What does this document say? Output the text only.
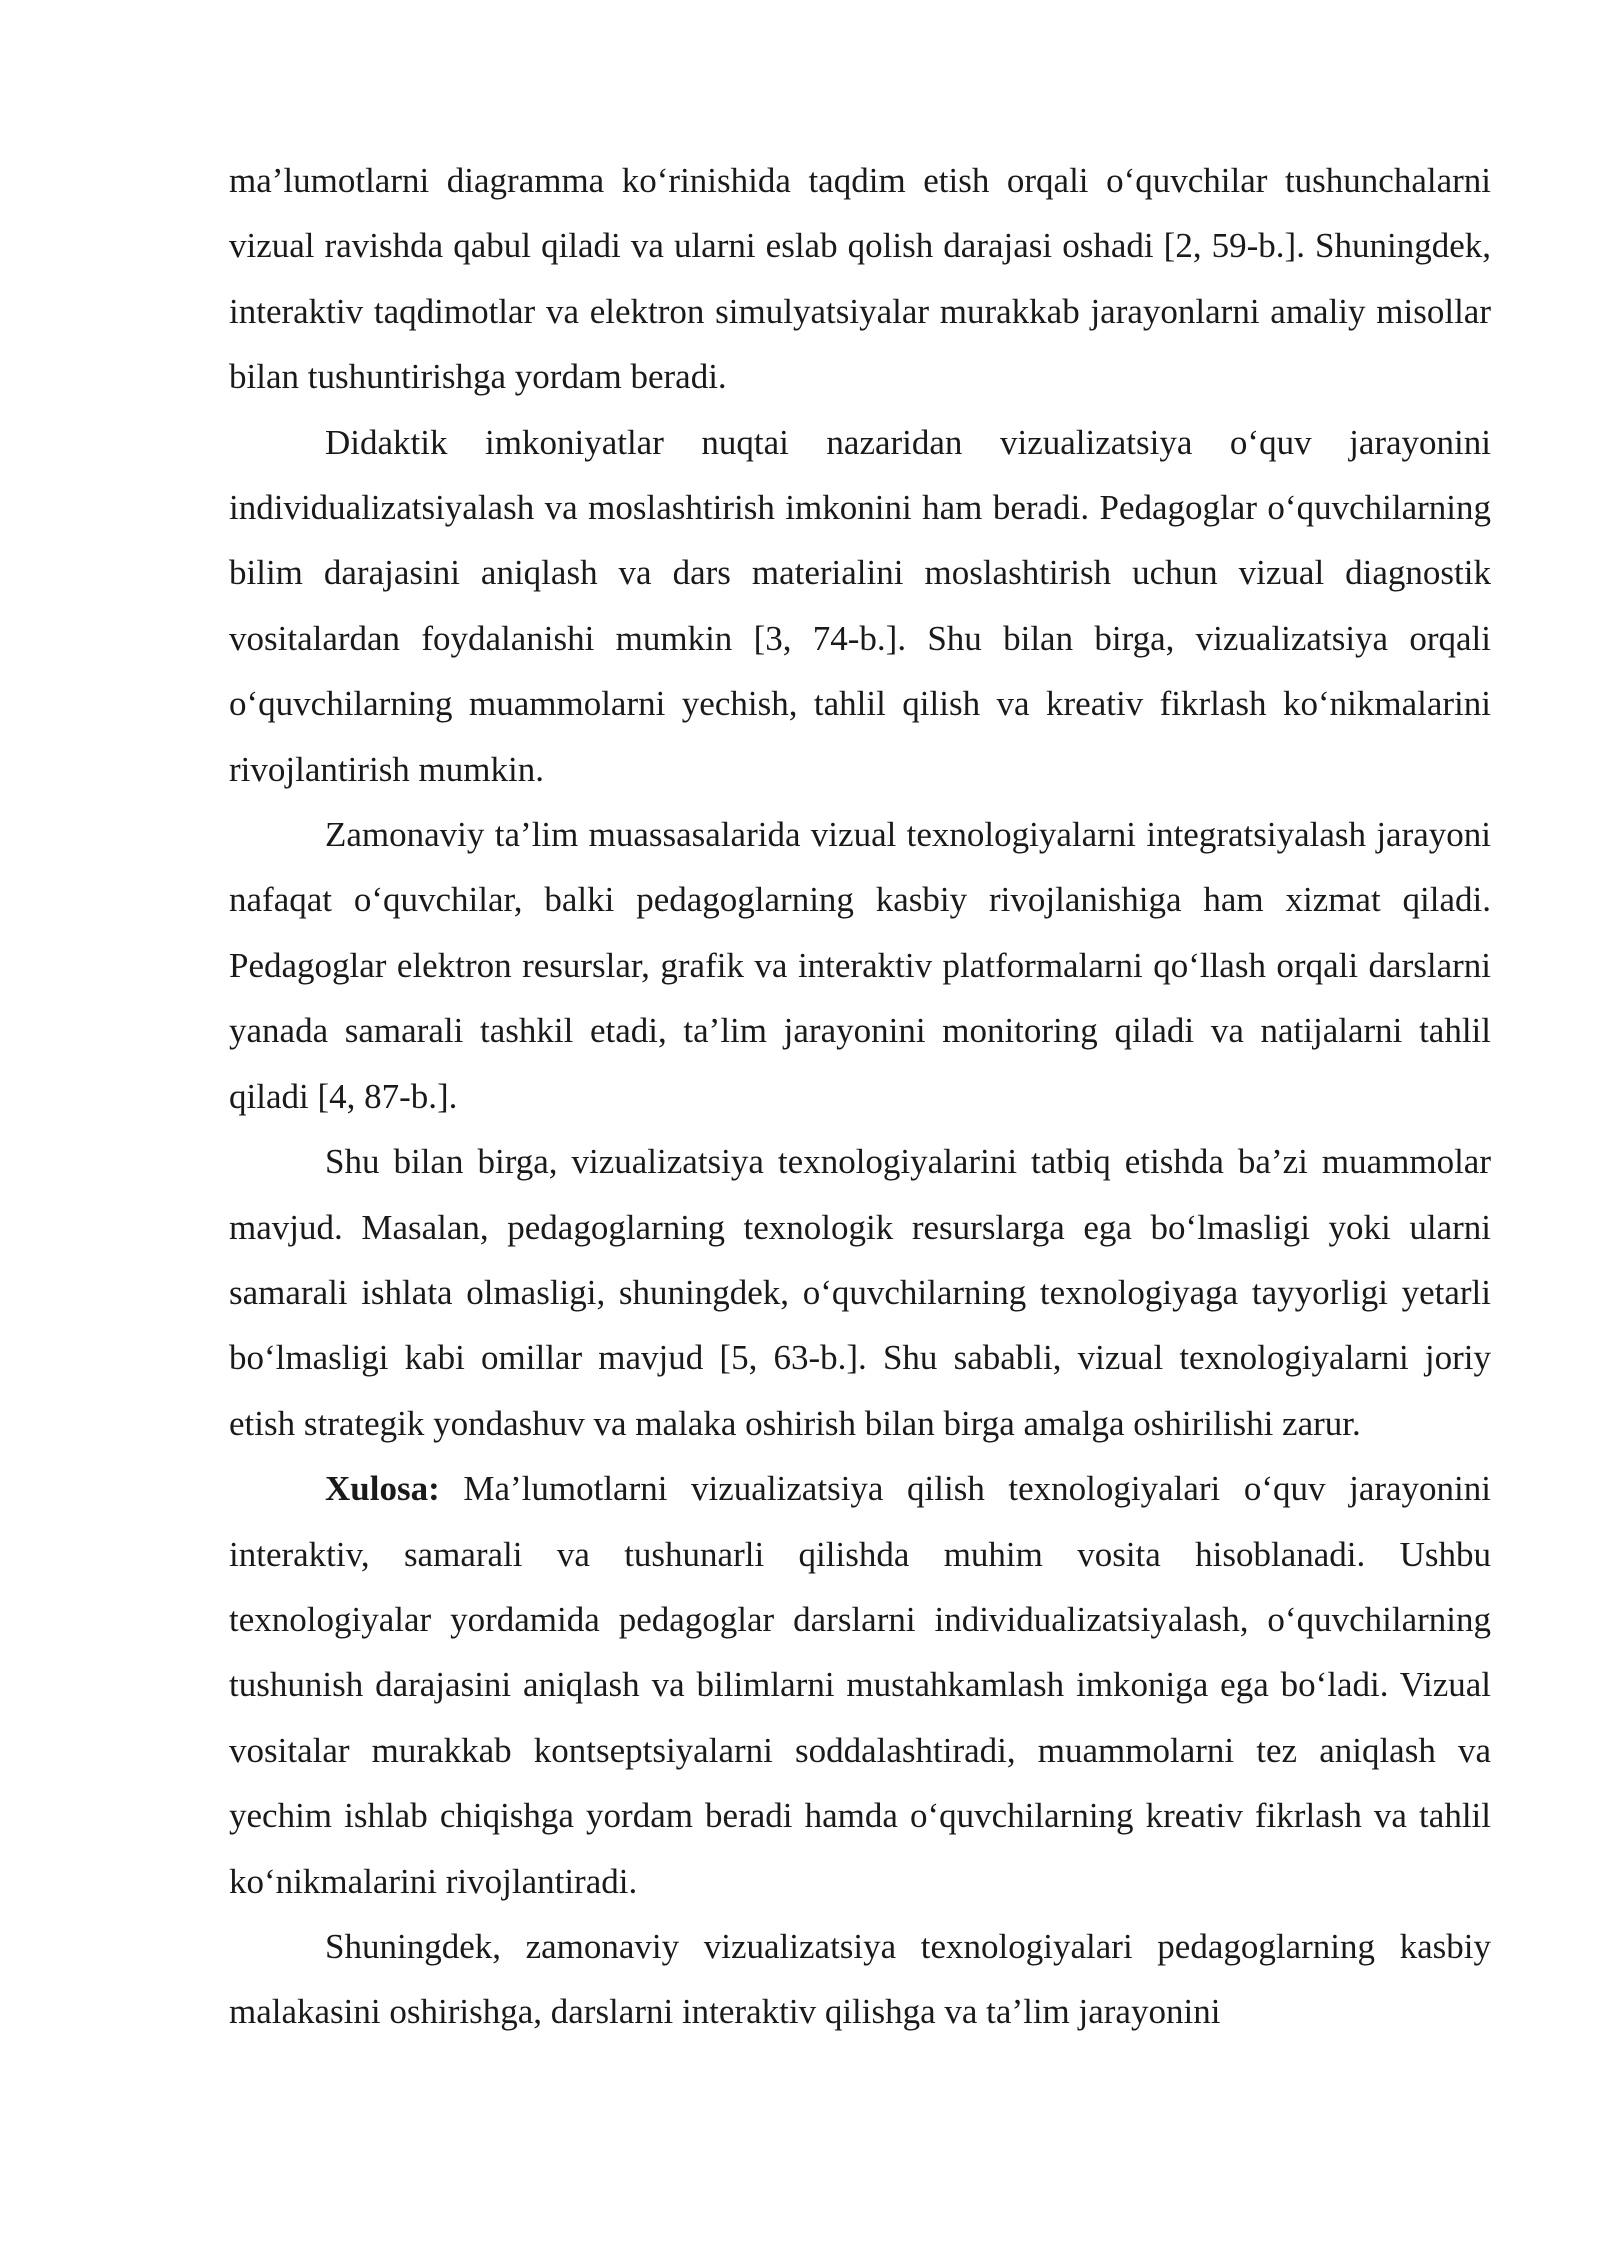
ma’lumotlarni diagramma ko‘rinishida taqdim etish orqali o‘quvchilar tushunchalarni vizual ravishda qabul qiladi va ularni eslab qolish darajasi oshadi [2, 59-b.]. Shuningdek, interaktiv taqdimotlar va elektron simulyatsiyalar murakkab jarayonlarni amaliy misollar bilan tushuntirishga yordam beradi.

Didaktik imkoniyatlar nuqtai nazaridan vizualizatsiya o‘quv jarayonini individualizatsiyalash va moslashtirish imkonini ham beradi. Pedagoglar o‘quvchilarning bilim darajasini aniqlash va dars materialini moslashtirish uchun vizual diagnostik vositalardan foydalanishi mumkin [3, 74-b.]. Shu bilan birga, vizualizatsiya orqali o‘quvchilarning muammolarni yechish, tahlil qilish va kreativ fikrlash ko‘nikmalarini rivojlantirish mumkin.

Zamonaviy ta’lim muassasalarida vizual texnologiyalarni integratsiyalash jarayoni nafaqat o‘quvchilar, balki pedagoglarning kasbiy rivojlanishiga ham xizmat qiladi. Pedagoglar elektron resurslar, grafik va interaktiv platformalarni qo‘llash orqali darslarni yanada samarali tashkil etadi, ta’lim jarayonini monitoring qiladi va natijalarni tahlil qiladi [4, 87-b.].

Shu bilan birga, vizualizatsiya texnologiyalarini tatbiq etishda ba’zi muammolar mavjud. Masalan, pedagoglarning texnologik resurslarga ega bo‘lmasligi yoki ularni samarali ishlata olmasligi, shuningdek, o‘quvchilarning texnologiyaga tayyorligi yetarli bo‘lmasligi kabi omillar mavjud [5, 63-b.]. Shu sababli, vizual texnologiyalarni joriy etish strategik yondashuv va malaka oshirish bilan birga amalga oshirilishi zarur.

Xulosa: Ma’lumotlarni vizualizatsiya qilish texnologiyalari o‘quv jarayonini interaktiv, samarali va tushunarli qilishda muhim vosita hisoblanadi. Ushbu texnologiyalar yordamida pedagoglar darslarni individualizatsiyalash, o‘quvchilarning tushunish darajasini aniqlash va bilimlarni mustahkamlash imkoniga ega bo‘ladi. Vizual vositalar murakkab kontseptsiyalarni soddalashtiradi, muammolarni tez aniqlash va yechim ishlab chiqishga yordam beradi hamda o‘quvchilarning kreativ fikrlash va tahlil ko‘nikmalarini rivojlantiradi.

Shuningdek, zamonaviy vizualizatsiya texnologiyalari pedagoglarning kasbiy malakasini oshirishga, darslarni interaktiv qilishga va ta’lim jarayonini
